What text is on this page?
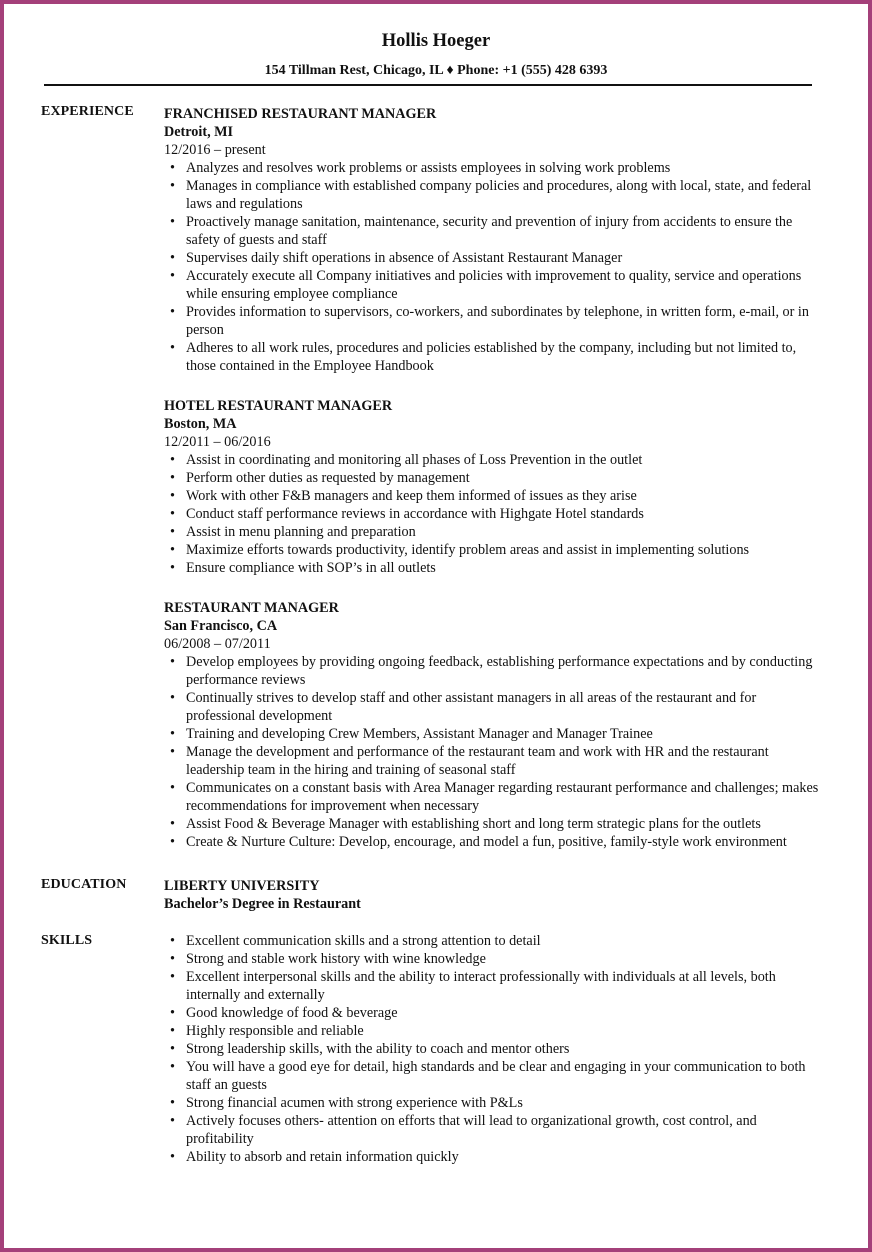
Hollis Hoeger
154 Tillman Rest, Chicago, IL ♦ Phone: +1 (555) 428 6393
EXPERIENCE FRANCHISED RESTAURANT MANAGER
Detroit, MI
12/2016 – present
• Analyzes and resolves work problems or assists employees in solving work problems
• Manages in compliance with established company policies and procedures, along with local, state, and federal laws and regulations
• Proactively manage sanitation, maintenance, security and prevention of injury from accidents to ensure the safety of guests and staff
• Supervises daily shift operations in absence of Assistant Restaurant Manager
• Accurately execute all Company initiatives and policies with improvement to quality, service and operations while ensuring employee compliance
• Provides information to supervisors, co-workers, and subordinates by telephone, in written form, e-mail, or in person
• Adheres to all work rules, procedures and policies established by the company, including but not limited to, those contained in the Employee Handbook
HOTEL RESTAURANT MANAGER
Boston, MA
12/2011 – 06/2016
• Assist in coordinating and monitoring all phases of Loss Prevention in the outlet
• Perform other duties as requested by management
• Work with other F&B managers and keep them informed of issues as they arise
• Conduct staff performance reviews in accordance with Highgate Hotel standards
• Assist in menu planning and preparation
• Maximize efforts towards productivity, identify problem areas and assist in implementing solutions
• Ensure compliance with SOP’s in all outlets
RESTAURANT MANAGER
San Francisco, CA
06/2008 – 07/2011
• Develop employees by providing ongoing feedback, establishing performance expectations and by conducting performance reviews
• Continually strives to develop staff and other assistant managers in all areas of the restaurant and for professional development
• Training and developing Crew Members, Assistant Manager and Manager Trainee
• Manage the development and performance of the restaurant team and work with HR and the restaurant leadership team in the hiring and training of seasonal staff
• Communicates on a constant basis with Area Manager regarding restaurant performance and challenges; makes recommendations for improvement when necessary
• Assist Food & Beverage Manager with establishing short and long term strategic plans for the outlets
• Create & Nurture Culture: Develop, encourage, and model a fun, positive, family-style work environment
EDUCATION	LIBERTY UNIVERSITY
Bachelor’s Degree in Restaurant
SKILLS
•	Excellent communication skills and a strong attention to detail
• Strong and stable work history with wine knowledge
• Excellent interpersonal skills and the ability to interact professionally with individuals at all levels, both internally and externally
• Good knowledge of food & beverage
• Highly responsible and reliable
• Strong leadership skills, with the ability to coach and mentor others
• You will have a good eye for detail, high standards and be clear and engaging in your communication to both staff an guests
• Strong financial acumen with strong experience with P&Ls
• Actively focuses others- attention on efforts that will lead to organizational growth, cost control, and profitability
• Ability to absorb and retain information quickly
